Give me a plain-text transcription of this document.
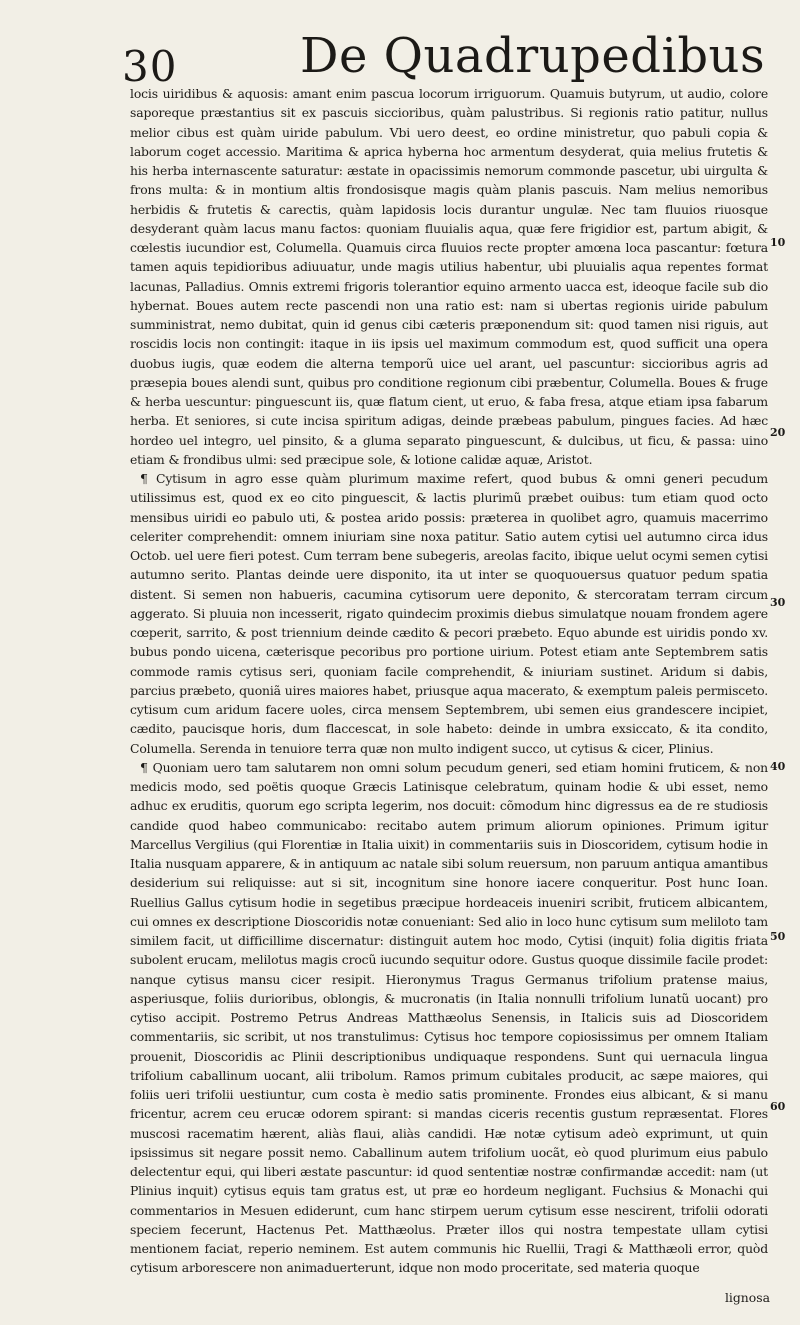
30	De Quadrupedibus

locis uiridibus & aquosis: amant enim pascua locorum irriguorum. Quamuis butyrum, ut audio, colore saporeque præstantius sit ex pascuis siccioribus, quàm palustribus. Si regionis ratio patitur, nullus melior cibus est quàm uiride pabulum. Vbi uero deest, eo ordine ministretur, quo pabuli copia & laborum coget accessio. Maritima & aprica hyberna hoc armentum desyderat, quia melius frutetis & his herba internascente saturatur: æstate in opacissimis nemorum commonde pascetur, ubi uirgulta & frons multa: & in montium altis frondosisque magis quàm planis pascuis. Nam melius nemoribus herbidis & frutetis & carectis, quàm lapidosis locis durantur ungulæ. Nec tam fluuios riuosque desyderant quàm lacus manu factos: quoniam fluuialis aqua, quæ fere frigidior est, partum abigit, & cœlestis iucundior est, Columella. Quamuis circa fluuios recte propter amœna loca pascantur: fœtura tamen aquis tepidioribus adiuuatur, unde magis utilius habentur, ubi pluuialis aqua repentes format lacunas, Palladius. Omnis extremi frigoris tolerantior equino armento uacca est, ideoque facile sub dio hybernat. Boues autem recte pascendi non una ratio est: nam si ubertas regionis uiride pabulum sumministrat, nemo dubitat, quin id genus cibi cæteris præponendum sit: quod tamen nisi riguis, aut roscidis locis non contingit: itaque in iis ipsis uel maximum commodum est, quod sufficit una opera duobus iugis, quæ eodem die alterna temporũ uice uel arant, uel pascuntur: siccioribus agris ad præsepia boues alendi sunt, quibus pro conditione regionum cibi præbentur, Columella. Boues & fruge & herba uescuntur: pinguescunt iis, quæ flatum cient, ut eruo, & faba fresa, atque etiam ipsa fabarum herba. Et seniores, si cute incisa spiritum adigas, deinde præbeas pabulum, pingues facies. Ad hæc hordeo uel integro, uel pinsito, & a gluma separato pinguescunt, & dulcibus, ut ficu, & passa: uino etiam & frondibus ulmi: sed præcipue sole, & lotione calidæ aquæ, Aristot.

¶ Cytisum in agro esse quàm plurimum maxime refert, quod bubus & omni generi pecudum utilissimus est, quod ex eo cito pinguescit, & lactis plurimũ præbet ouibus: tum etiam quod octo mensibus uiridi eo pabulo uti, & postea arido possis: præterea in quolibet agro, quamuis macerrimo celeriter comprehendit: omnem iniuriam sine noxa patitur. Satio autem cytisi uel autumno circa idus Octob. uel uere fieri potest. Cum terram bene subegeris, areolas facito, ibique uelut ocymi semen cytisi autumno serito. Plantas deinde uere disponito, ita ut inter se quoquouersus quatuor pedum spatia distent. Si semen non habueris, cacumina cytisorum uere deponito, & stercoratam terram circum aggerato. Si pluuia non incesserit, rigato quindecim proximis diebus simulatque nouam frondem agere cœperit, sarrito, & post triennium deinde cædito & pecori præbeto. Equo abunde est uiridis pondo xv. bubus pondo uicena, cæterisque pecoribus pro portione uirium. Potest etiam ante Septembrem satis commode ramis cytisus seri, quoniam facile comprehendit, & iniuriam sustinet. Aridum si dabis, parcius præbeto, quoniã uires maiores habet, priusque aqua macerato, & exemptum paleis permisceto. cytisum cum aridum facere uoles, circa mensem Septembrem, ubi semen eius grandescere incipiet, cædito, paucisque horis, dum flaccescat, in sole habeto: deinde in umbra exsiccato, & ita condito, Columella. Serenda in tenuiore terra quæ non multo indigent succo, ut cytisus & cicer, Plinius.

¶ Quoniam uero tam salutarem non omni solum pecudum generi, sed etiam homini fruticem, & non medicis modo, sed poëtis quoque Græcis Latinisque celebratum, quinam hodie & ubi esset, nemo adhuc ex eruditis, quorum ego scripta legerim, nos docuit: cõmodum hinc digressus ea de re studiosis candide quod habeo communicabo: recitabo autem primum aliorum opiniones. Primum igitur Marcellus Vergilius (qui Florentiæ in Italia uixit) in commentariis suis in Dioscoridem, cytisum hodie in Italia nusquam apparere, & in antiquum ac natale sibi solum reuersum, non paruum antiqua amantibus desiderium sui reliquisse: aut si sit, incognitum sine honore iacere conqueritur. Post hunc Ioan. Ruellius Gallus cytisum hodie in segetibus præcipue hordeaceis inueniri scribit, fruticem albicantem, cui omnes ex descriptione Dioscoridis notæ conueniant: Sed alio in loco hunc cytisum sum meliloto tam similem facit, ut difficillime discernatur: distinguit autem hoc modo, Cytisi (inquit) folia digitis friata subolent erucam, melilotus magis crocũ iucundo sequitur odore. Gustus quoque dissimile facile prodet: nanque cytisus mansu cicer resipit. Hieronymus Tragus Germanus trifolium pratense maius, asperiusque, foliis durioribus, oblongis, & mucronatis (in Italia nonnulli trifolium lunatũ uocant) pro cytiso accipit. Postremo Petrus Andreas Matthæolus Senensis, in Italicis suis ad Dioscoridem commentariis, sic scribit, ut nos transtulimus: Cytisus hoc tempore copiosissimus per omnem Italiam prouenit, Dioscoridis ac Plinii descriptionibus undiquaque respondens. Sunt qui uernacula lingua trifolium caballinum uocant, alii tribolum. Ramos primum cubitales producit, ac sæpe maiores, qui foliis ueri trifolii uestiuntur, cum costa è medio satis prominente. Frondes eius albicant, & si manu fricentur, acrem ceu erucæ odorem spirant: si mandas ciceris recentis gustum repræsentat. Flores muscosi racematim hærent, aliàs flaui, aliàs candidi. Hæ notæ cytisum adeò exprimunt, ut quin ipsissimus sit negare possit nemo. Caballinum autem trifolium uocãt, eò quod plurimum eius pabulo delectentur equi, qui liberi æstate pascuntur: id quod sententiæ nostræ confirmandæ accedit: nam (ut Plinius inquit) cytisus equis tam gratus est, ut præ eo hordeum negligant. Fuchsius & Monachi qui commentarios in Mesuen ediderunt, cum hanc stirpem uerum cytisum esse nescirent, trifolii odorati speciem fecerunt, Hactenus Pet. Matthæolus. Præter illos qui nostra tempestate ullam cytisi mentionem faciat, reperio neminem. Est autem communis hic Ruellii, Tragi & Matthæoli error, quòd cytisum arborescere non animaduerterunt, idque non modo proceritate, sed materia quoque

10
20
30
40
50
60
lignosa
